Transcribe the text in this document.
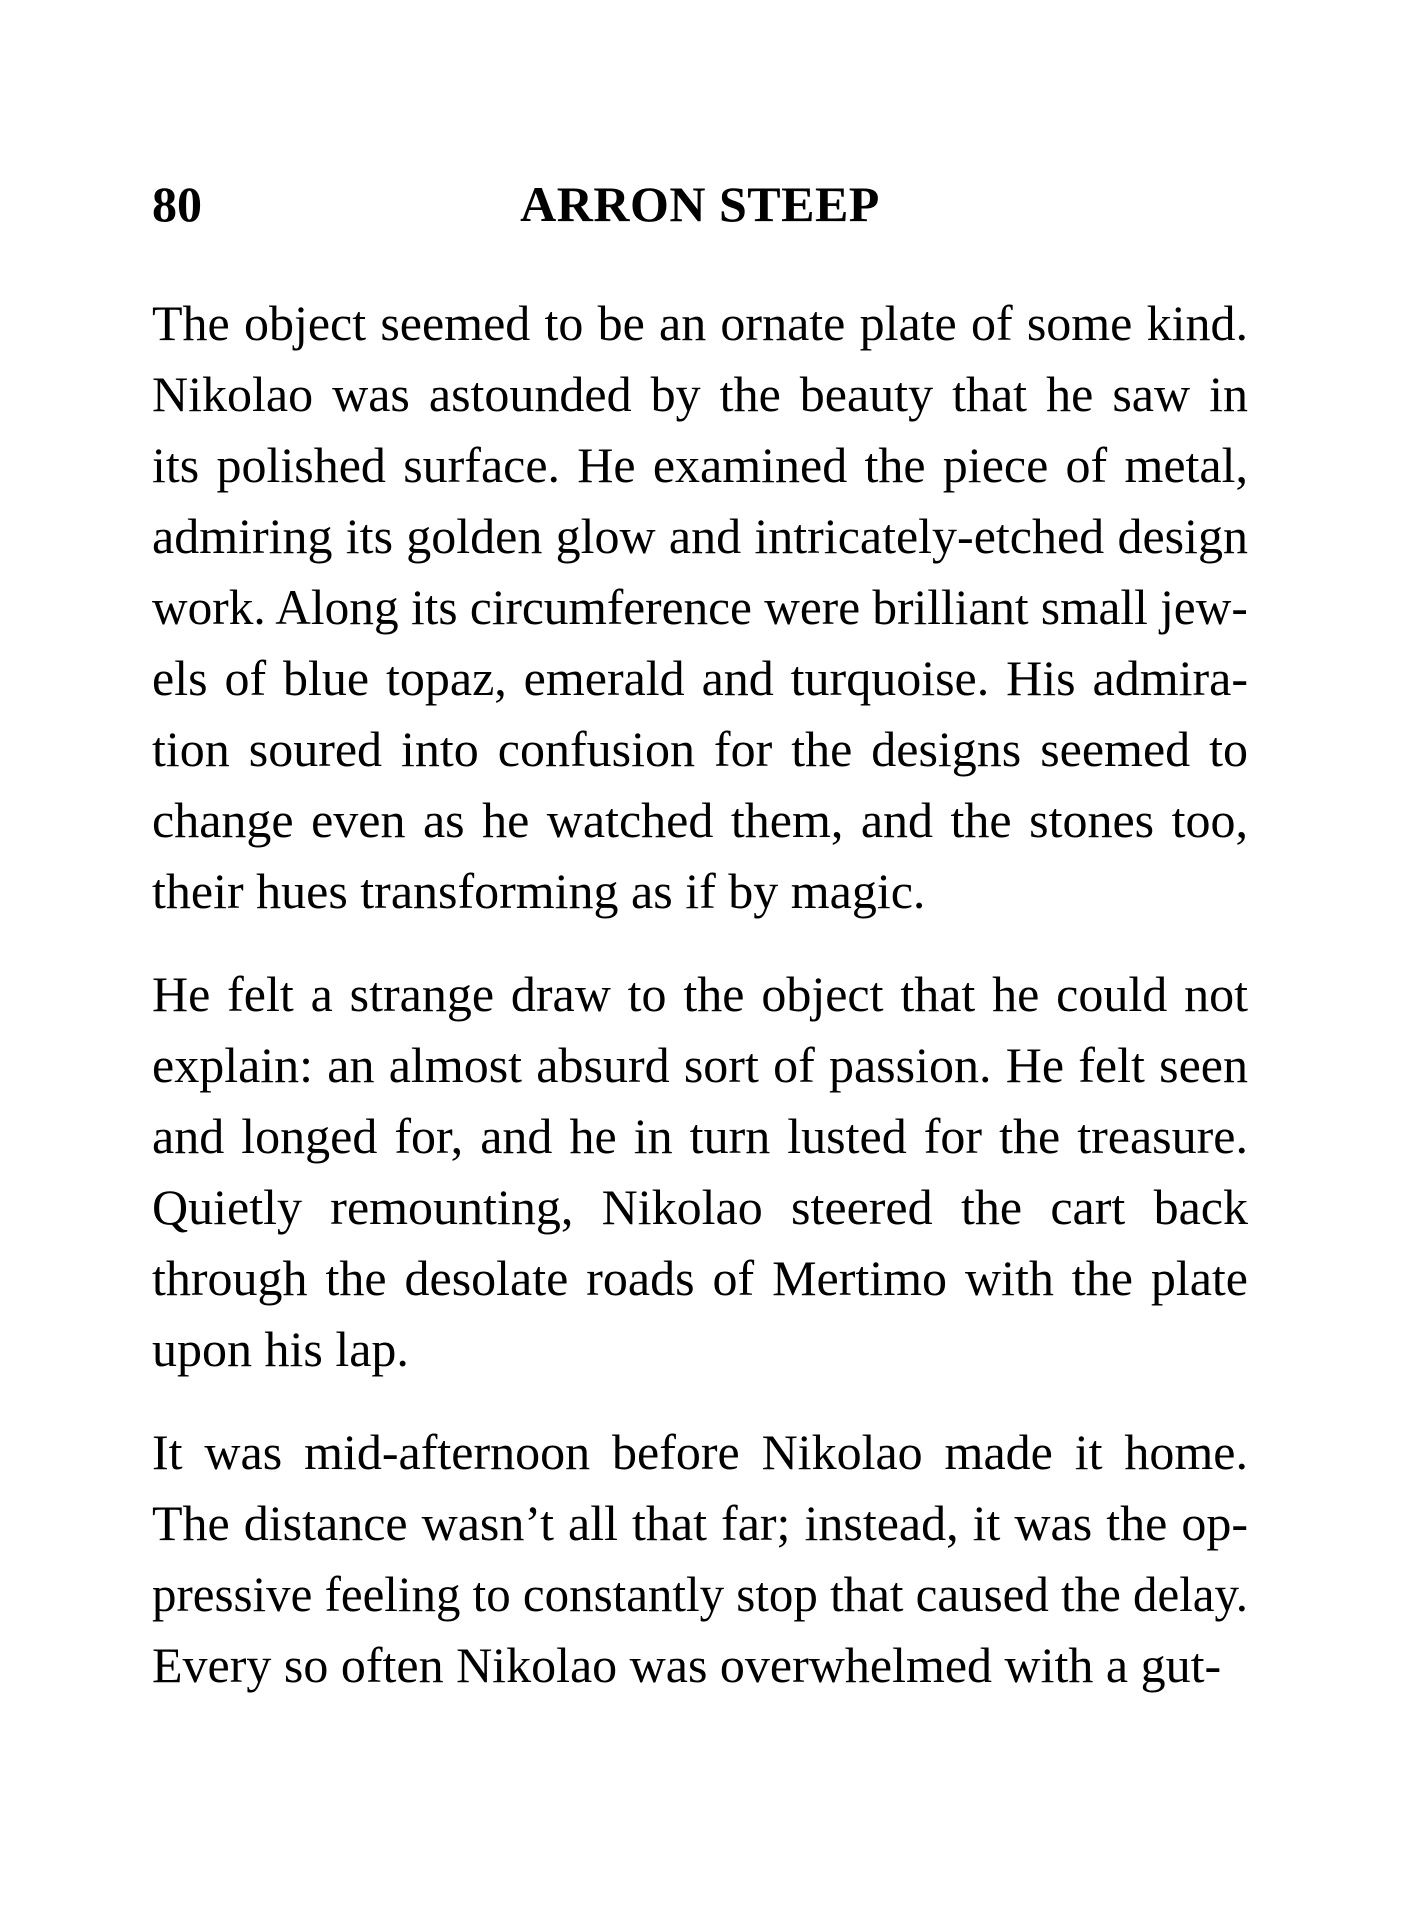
80	ARRON STEEP
The object seemed to be an ornate plate of some kind.
Nikolao was astounded by the beauty that he saw in
its polished surface. He examined the piece of metal,
admiring its golden glow and intricately-etched design
work. Along its circumference were brilliant small jew-
els of blue topaz, emerald and turquoise. His admira-
tion soured into confusion for the designs seemed to
change even as he watched them, and the stones too,
their hues transforming as if by magic.
He felt a strange draw to the object that he could not
explain: an almost absurd sort of passion. He felt seen
and longed for, and he in turn lusted for the treasure.
Quietly remounting, Nikolao steered the cart back
through the desolate roads of Mertimo with the plate
upon his lap.
It was mid-afternoon before Nikolao made it home.
The distance wasn’t all that far; instead, it was the op-
pressive feeling to constantly stop that caused the delay.
Every so often Nikolao was overwhelmed with a gut-
